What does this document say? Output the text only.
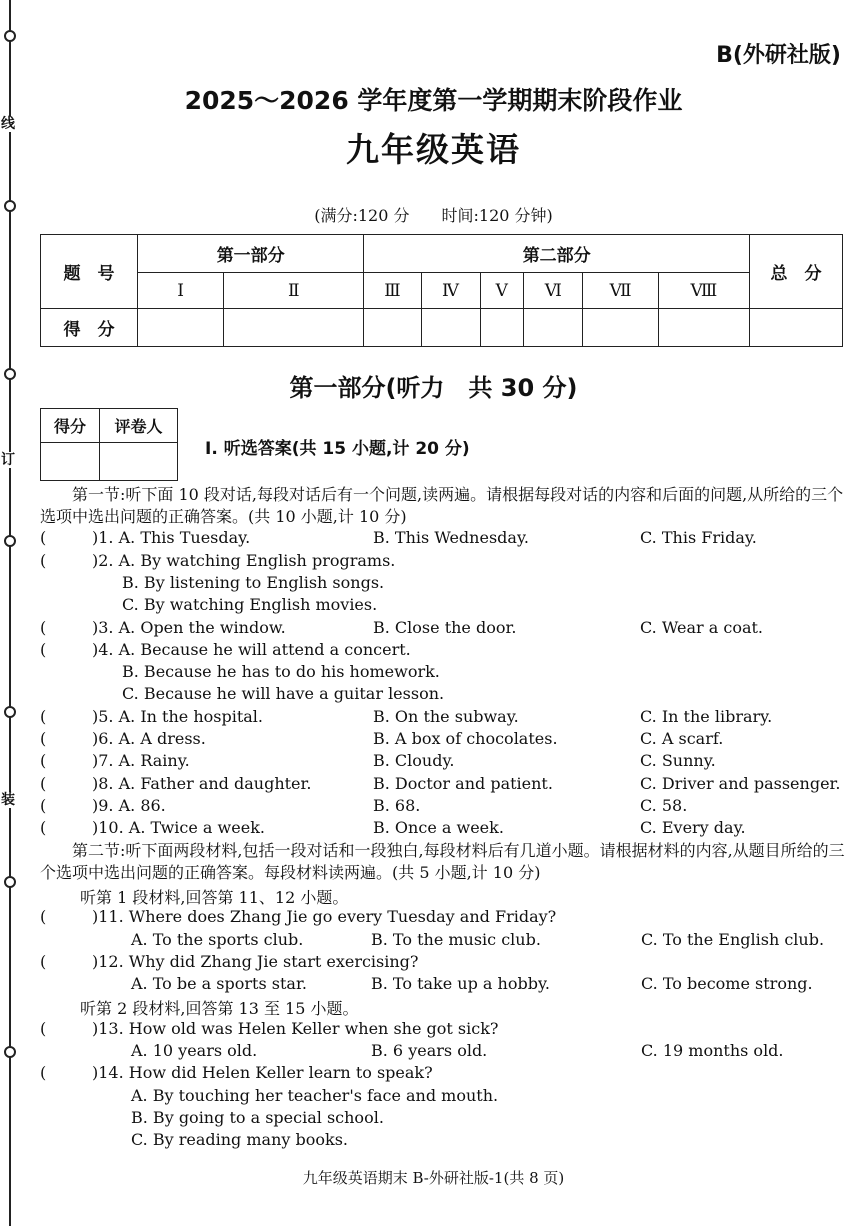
线
订
装
B(外研社版)
2025～2026 学年度第一学期期末阶段作业
九年级英语
(满分:120 分　　时间:120 分钟)
题　号	第一部分		第二部分						总　分
	Ⅰ	Ⅱ	Ⅲ	Ⅳ	Ⅴ	Ⅵ	Ⅶ	Ⅷ	
得　分									
第一部分(听力　共 30 分)
得分	评卷人

Ⅰ. 听选答案(共 15 小题,计 20 分)
第一节:听下面 10 段对话,每段对话后有一个问题,读两遍。请根据每段对话的内容和后面的问题,从所给的三个选项中选出问题的正确答案。(共 10 小题,计 10 分)
(	)1. A. This Tuesday.	B. This Wednesday.	C. This Friday.
(	)2. A. By watching English programs.
B. By listening to English songs.
C. By watching English movies.
(	)3. A. Open the window.	B. Close the door.	C. Wear a coat.
(	)4. A. Because he will attend a concert.
B. Because he has to do his homework.
C. Because he will have a guitar lesson.
(	)5. A. In the hospital.	B. On the subway.	C. In the library.
(	)6. A. A dress.	B. A box of chocolates.	C. A scarf.
(	)7. A. Rainy.	B. Cloudy.	C. Sunny.
(	)8. A. Father and daughter.	B. Doctor and patient.	C. Driver and passenger.
(	)9. A. 86.	B. 68.	C. 58.
(	)10. A. Twice a week.	B. Once a week.	C. Every day.
第二节:听下面两段材料,包括一段对话和一段独白,每段材料后有几道小题。请根据材料的内容,从题目所给的三个选项中选出问题的正确答案。每段材料读两遍。(共 5 小题,计 10 分)
听第 1 段材料,回答第 11、12 小题。
(	)11. Where does Zhang Jie go every Tuesday and Friday?
A. To the sports club.	B. To the music club.	C. To the English club.
(	)12. Why did Zhang Jie start exercising?
A. To be a sports star.	B. To take up a hobby.	C. To become strong.
听第 2 段材料,回答第 13 至 15 小题。
(	)13. How old was Helen Keller when she got sick?
A. 10 years old.	B. 6 years old.	C. 19 months old.
(	)14. How did Helen Keller learn to speak?
A. By touching her teacher's face and mouth.
B. By going to a special school.
C. By reading many books.
九年级英语期末 B-外研社版-1(共 8 页)
